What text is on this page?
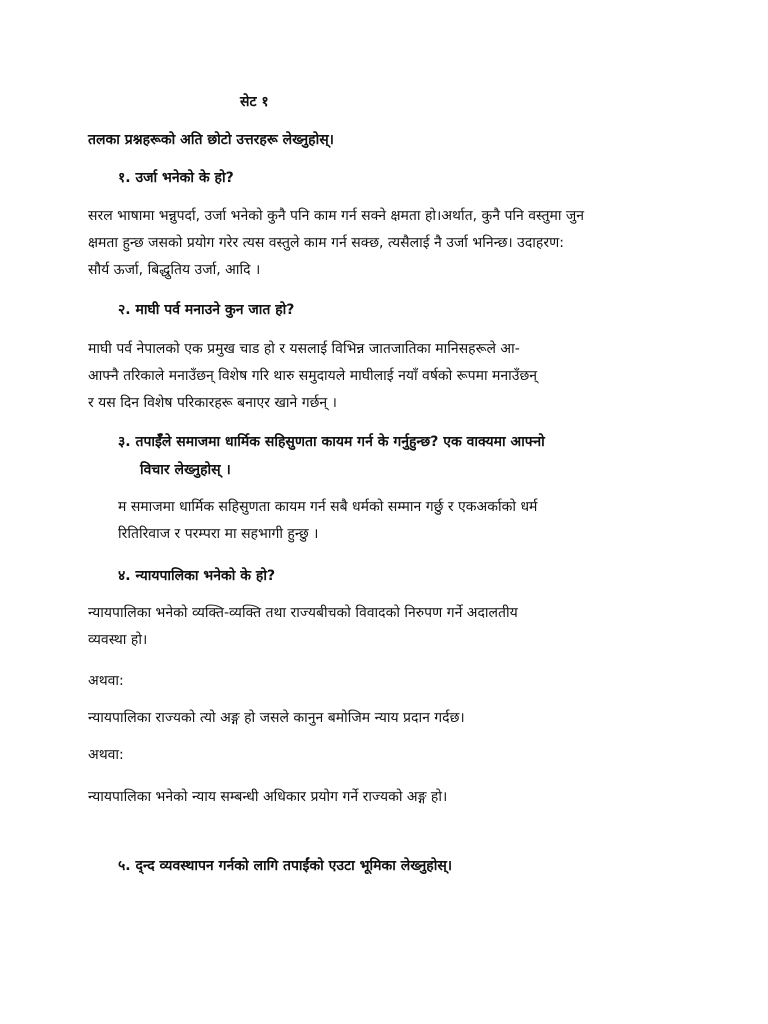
सेट १
तलका प्रश्नहरूको अति छोटो उत्तरहरू लेख्नुहोस्।
१. उर्जा भनेको के हो?
सरल भाषामा भन्नुपर्दा, उर्जा भनेको कुनै पनि काम गर्न सक्ने क्षमता हो।अर्थात, कुनै पनि वस्तुमा जुन
क्षमता हुन्छ जसको प्रयोग गरेर त्यस वस्तुले काम गर्न सक्छ, त्यसैलाई नै उर्जा भनिन्छ। उदाहरण:
सौर्य ऊर्जा, बिद्धुतिय उर्जा, आदि ।
२. माघी पर्व मनाउने कुन जात हो?
माघी पर्व नेपालको एक प्रमुख चाड हो र यसलाई विभिन्न जातजातिका मानिसहरूले आ-
आफ्नै तरिकाले मनाउँछन् विशेष गरि थारु समुदायले माघीलाई नयाँ वर्षको रूपमा मनाउँछन्
र यस दिन विशेष परिकारहरू बनाएर खाने गर्छन् ।
३. तपाईँले समाजमा धार्मिक सहिसुणता कायम गर्न के गर्नुहुन्छ? एक वाक्यमा आफ्नो
विचार लेख्नुहोस् ।
म समाजमा धार्मिक सहिसुणता कायम गर्न सबै धर्मको सम्मान गर्छु र एकअर्काको धर्म
रितिरिवाज र परम्परा मा सहभागी हुन्छु ।
४. न्यायपालिका भनेको के हो?
न्यायपालिका भनेको व्यक्ति-व्यक्ति तथा राज्यबीचको विवादको निरुपण गर्ने अदालतीय
व्यवस्था हो।
अथवा:
न्यायपालिका राज्यको त्यो अङ्ग हो जसले कानुन बमोजिम न्याय प्रदान गर्दछ।
अथवा:
न्यायपालिका भनेको न्याय सम्बन्धी अधिकार प्रयोग गर्ने राज्यको अङ्ग हो।
५. द्न्द व्यवस्थापन गर्नको लागि तपाईंको एउटा भूमिका लेख्नुहोस्।
